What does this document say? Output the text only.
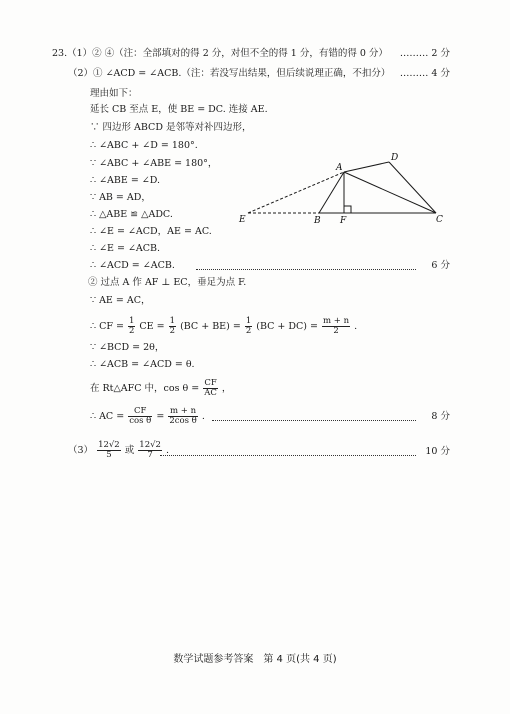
23.（1）② ④（注：全部填对的得 2 分，对但不全的得 1 分，有错的得 0 分）	……… 2 分
（2）① ∠ACD = ∠ACB.（注：若没写出结果，但后续说理正确，不扣分）	……… 4 分
理由如下：
延长 CB 至点 E，使 BE = DC. 连接 AE.
∵ 四边形 ABCD 是邻等对补四边形，
∴ ∠ABC + ∠D = 180°.
∵ ∠ABC + ∠ABE = 180°，
∴ ∠ABE = ∠D.
∵ AB = AD，
∴ △ABE ≌ △ADC.
∴ ∠E = ∠ACD，AE = AC.
∴ ∠E = ∠ACB.
∴ ∠ACD = ∠ACB.	6 分
A
D
E	B F	C
② 过点 A 作 AF ⊥ EC，垂足为点 F.
∵ AE = AC，
∴ CF = $\frac{1}{2}$ CE = $\frac{1}{2} (BC + BE) = \frac{1}{2} (BC + DC) = \frac{m + n}{2}$ .
∵ ∠BCD = 2θ，
∴ ∠ACB = ∠ACD = θ.
在 Rt△AFC 中，$\cos \theta = \frac{CF}{AC}$ ，
∴ AC = $\frac{CF}{\text{cos θ}} = \frac{m + n}{\text{2cos θ}}$ .	8 分
$(3) \frac{12√2}{5}$ 或 $\frac{12√2}{7}$ .	10 分
数学试题参考答案　第 4 页(共 4 页)
